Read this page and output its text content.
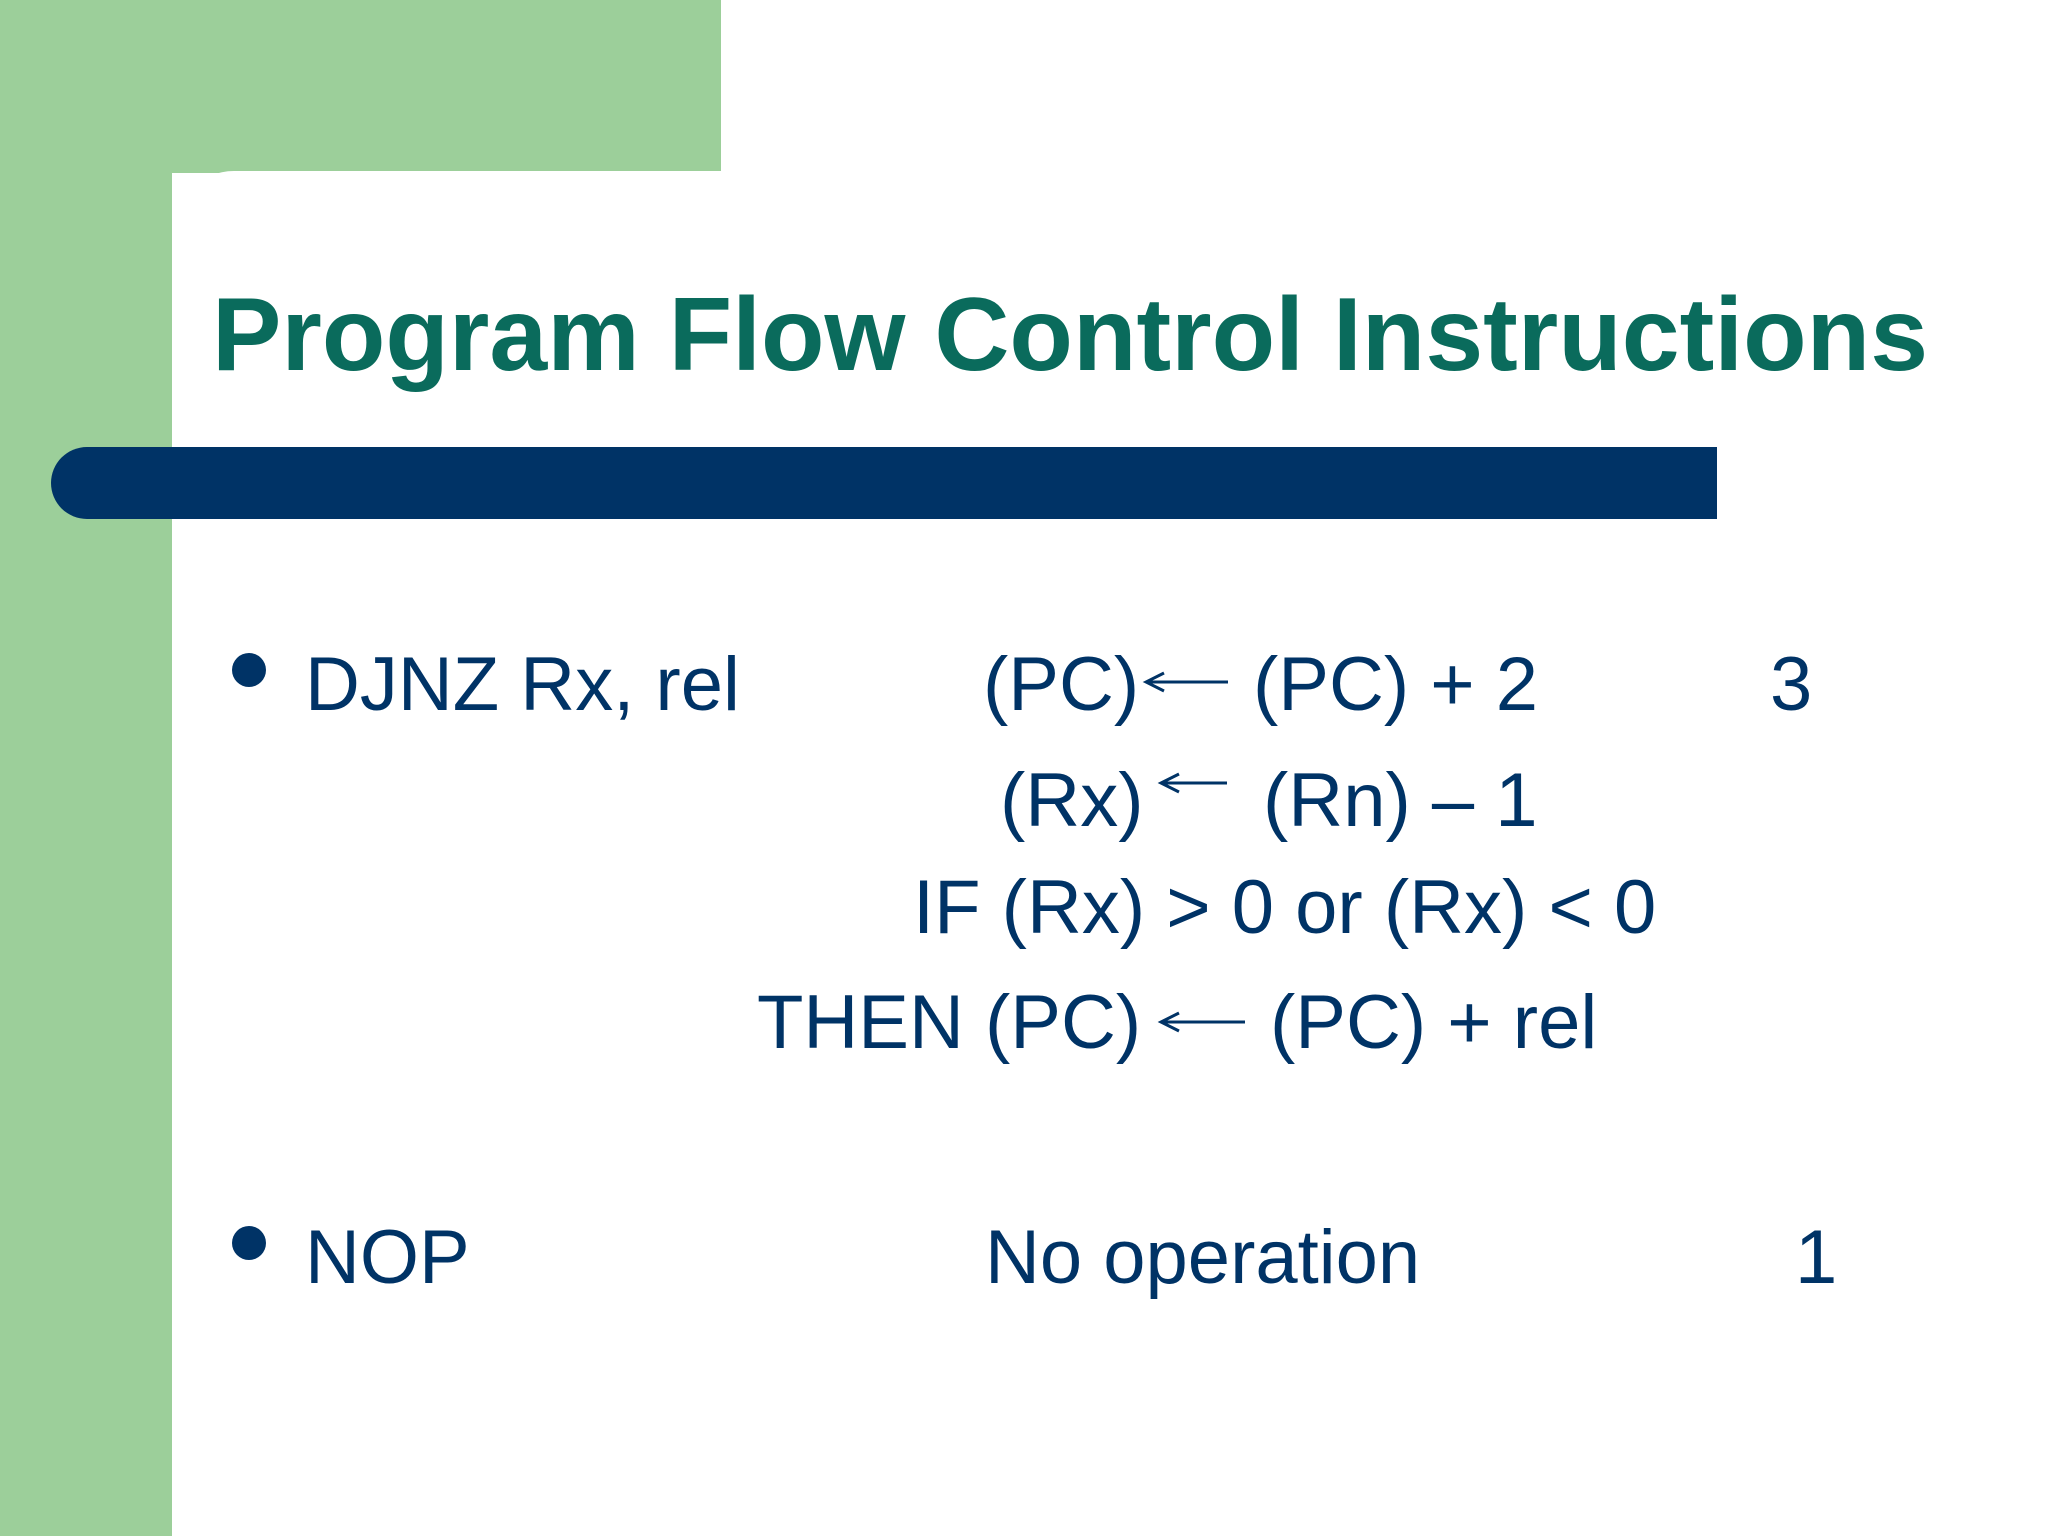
Program Flow Control Instructions

DJNZ Rx, rel	(PC) (PC) + 2	3

(Rx) (Rn) – 1

IF (Rx) > 0 or (Rx) < 0

THEN (PC) (PC) + rel

NOP	No operation	1
